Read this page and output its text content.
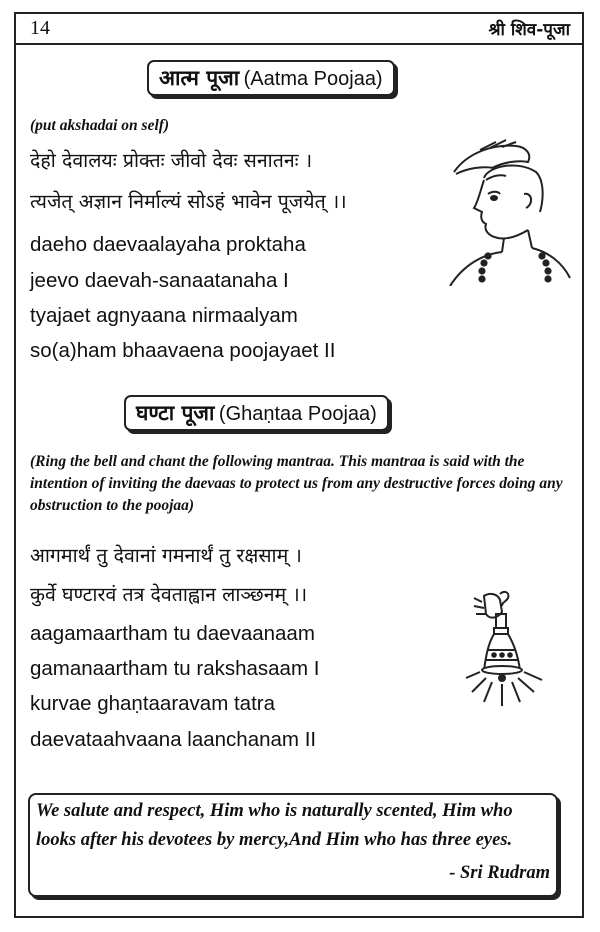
14	श्री शिव-पूजा
आत्म पूजा (Aatma Poojaa)
(put akshadai on self)
देहो देवालयः प्रोक्तः जीवो देवः सनातनः ।
त्यजेत् अज्ञान निर्माल्यं सोऽहं भावेन पूजयेत् ।।
daeho daevaalayaha proktaha
jeevo daevah-sanaatanaha I
tyajaet agnyaana nirmaalyam
so(a)ham bhaavaena poojayaet II
घण्टा पूजा (Ghaṇtaa Poojaa)
(Ring the bell and chant the following mantraa. This mantraa is said with the intention of inviting the daevaas to protect us from any destructive forces doing any obstruction to the poojaa)
आगमार्थं तु देवानां गमनार्थं तु रक्षसाम् ।
कुर्वे घण्टारवं तत्र देवताह्वान लाञ्छनम् ।।
aagamaartham tu daevaanaam
gamanaartham tu rakshasaam I
kurvae ghaṇtaaravam tatra
daevataahvaana laanchanam II
We salute and respect, Him who is naturally scented, Him who looks after his devotees by mercy,And Him who has three eyes.
- Sri Rudram
